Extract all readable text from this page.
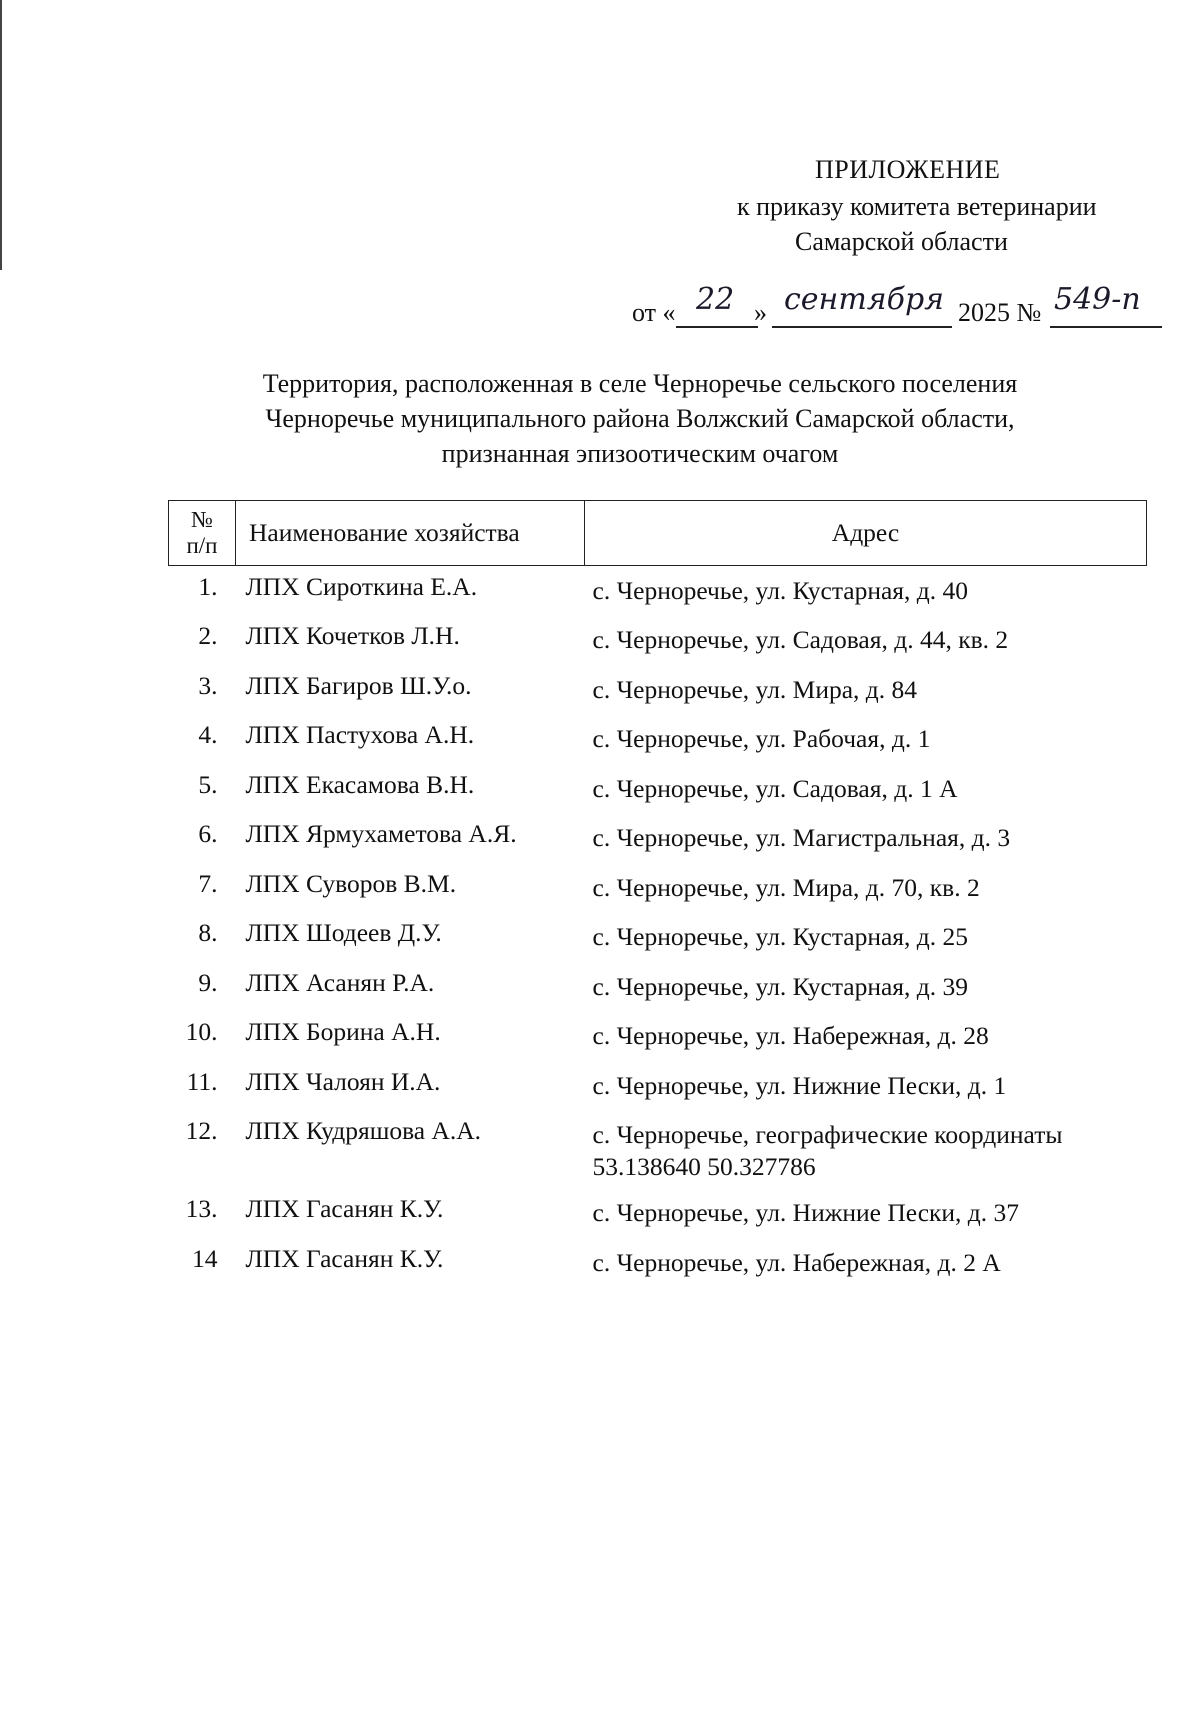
ПРИЛОЖЕНИЕ
к приказу комитета ветеринарии
Самарской области
от « 22 » сентября 2025 № 549-п
Территория, расположенная в селе Черноречье сельского поселения
Черноречье муниципального района Волжский Самарской области,
признанная эпизоотическим очагом
№
п/п	Наименование хозяйства	Адрес
1.	ЛПХ Сироткина Е.А.	с. Черноречье, ул. Кустарная, д. 40

2.	ЛПХ Кочетков Л.Н.	с. Черноречье, ул. Садовая, д. 44, кв. 2

3.	ЛПХ Багиров Ш.У.о.	с. Черноречье, ул. Мира, д. 84

4.	ЛПХ Пастухова А.Н.	с. Черноречье, ул. Рабочая, д. 1

5.	ЛПХ Екасамова В.Н.	с. Черноречье, ул. Садовая, д. 1 А

6.	ЛПХ Ярмухаметова А.Я.	с. Черноречье, ул. Магистральная, д. 3

7.	ЛПХ Суворов В.М.	с. Черноречье, ул. Мира, д. 70, кв. 2

8.	ЛПХ Шодеев Д.У.	с. Черноречье, ул. Кустарная, д. 25

9.	ЛПХ Асанян Р.А.	с. Черноречье, ул. Кустарная, д. 39

10.	ЛПХ Борина А.Н.	с. Черноречье, ул. Набережная, д. 28

11.	ЛПХ Чалоян И.А.	с. Черноречье, ул. Нижние Пески, д. 1

12.	ЛПХ Кудряшова А.А.	с. Черноречье, географические координаты
53.138640 50.327786

13.	ЛПХ Гасанян К.У.	с. Черноречье, ул. Нижние Пески, д. 37

14	ЛПХ Гасанян К.У.	с. Черноречье, ул. Набережная, д. 2 А
